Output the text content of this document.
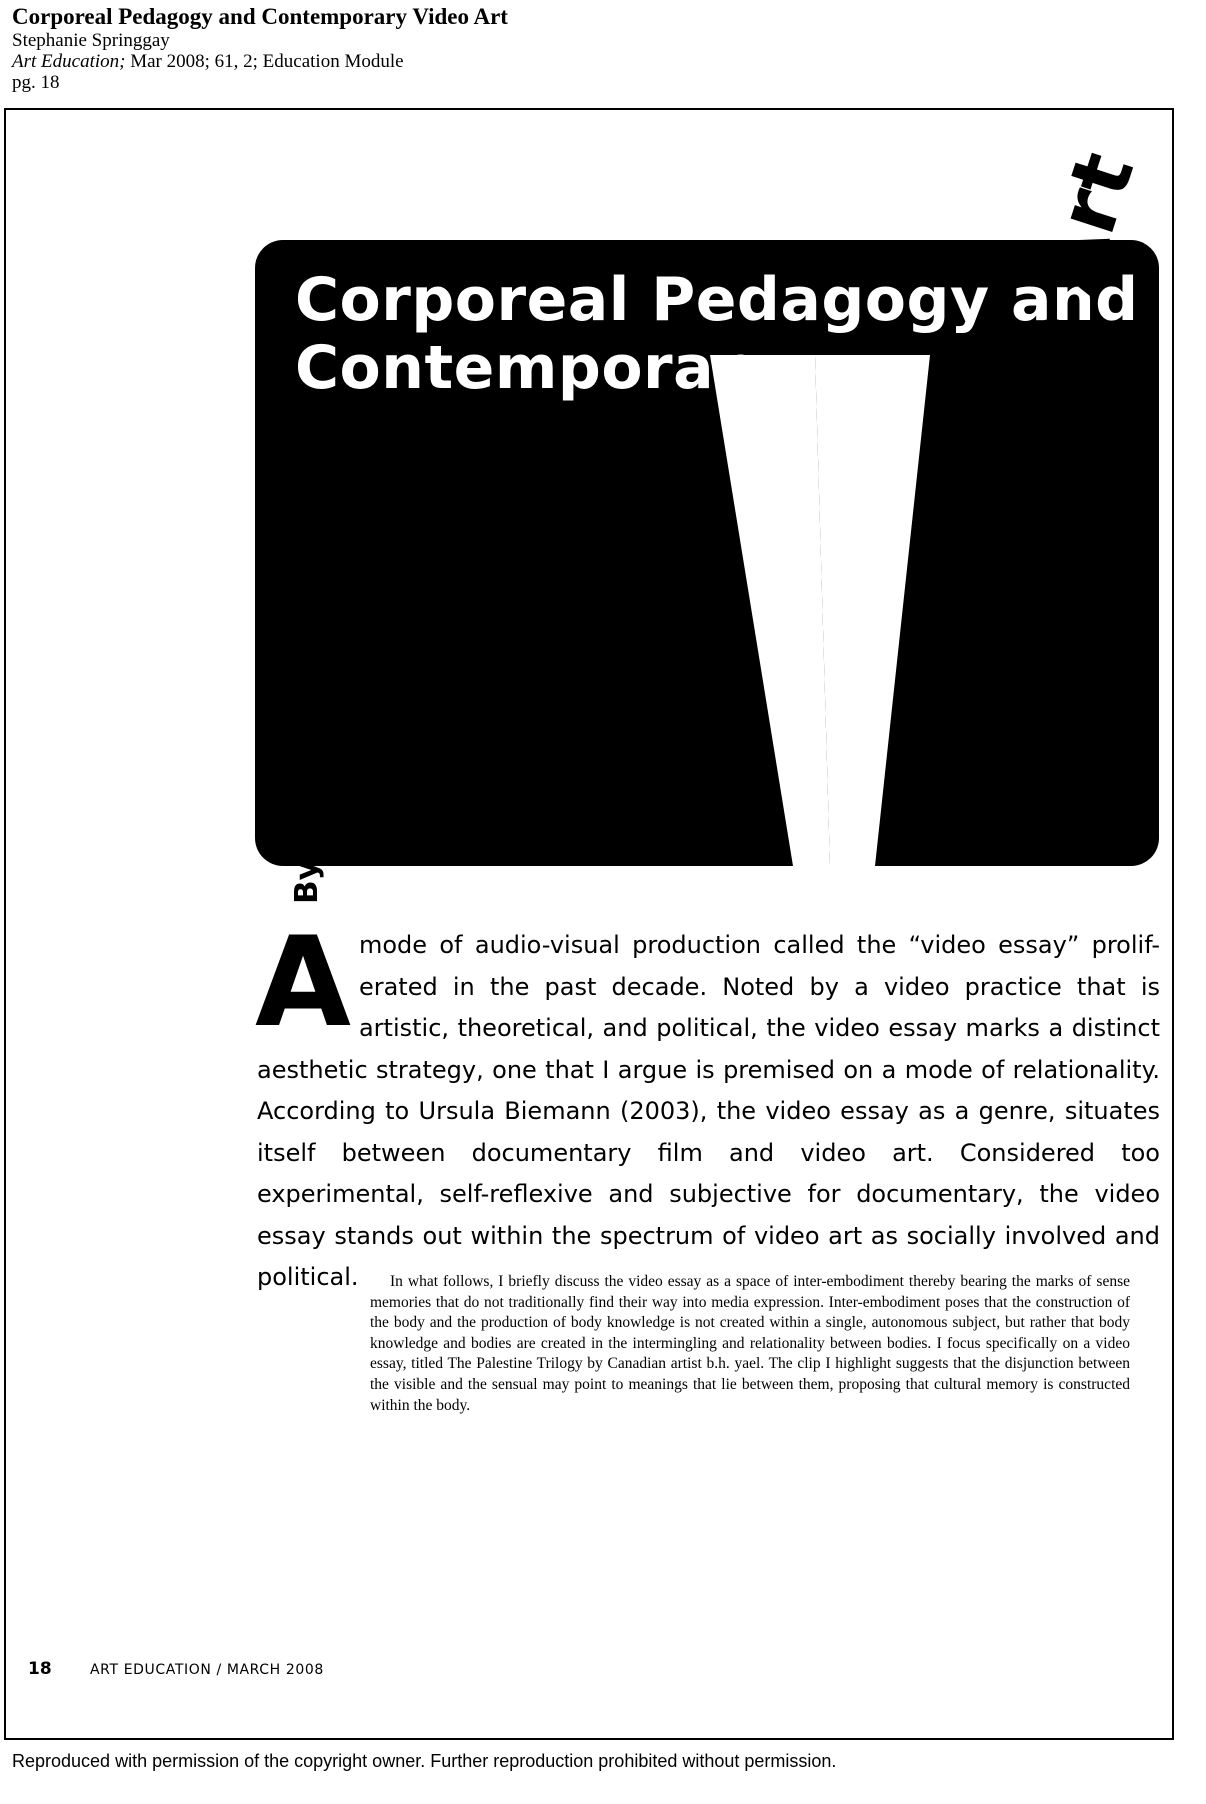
Corporeal Pedagogy and Contemporary Video Art
Stephanie Springgay
Art Education; Mar 2008; 61, 2; Education Module
pg. 18
Corporeal Pedagogy and
Contemporary	Video Art
By Stephanie Springgay
A mode of audio-visual production called the “video essay” prolif-erated in the past decade. Noted by a video practice that is artistic, theoretical, and political, the video essay marks a distinct aesthetic strategy, one that I argue is premised on a mode of relationality. According to Ursula Biemann (2003), the video essay as a genre, situates itself between documentary film and video art. Considered too experimental, self-reflexive and subjective for documentary, the video essay stands out within the spectrum of video art as socially involved and political.	In what follows, I briefly discuss the video essay as a space of inter-embodiment thereby bearing the marks of sense memories that do not traditionally find their way into media expression. Inter-embodiment poses that the construction of the body and the production of body knowledge is not created within a single, autonomous subject, but rather that body knowledge and bodies are created in the intermingling and relationality between bodies. I focus specifically on a video essay, titled The Palestine Trilogy by Canadian artist b.h. yael. The clip I highlight suggests that the disjunction between the visible and the sensual may point to meanings that lie between them, proposing that cultural memory is constructed within the body.

18	ART EDUCATION / MARCH 2008
Reproduced with permission of the copyright owner. Further reproduction prohibited without permission.
